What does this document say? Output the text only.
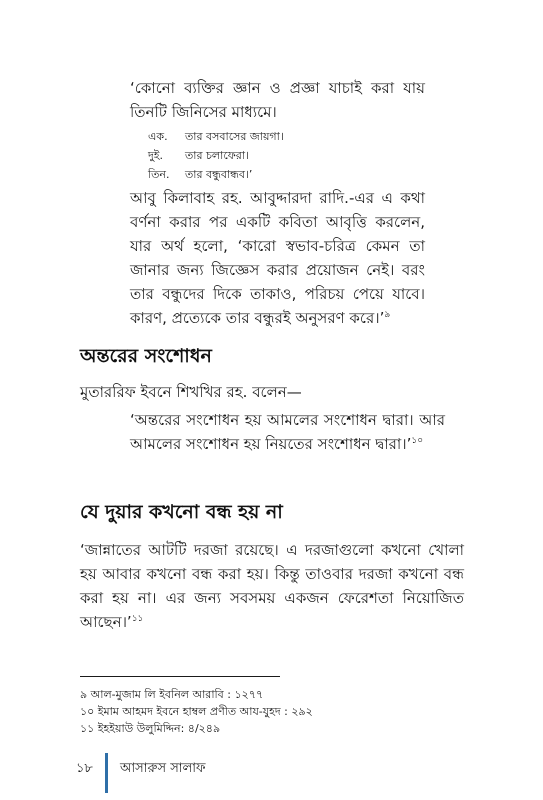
‘কোনো ব্যক্তির জ্ঞান ও প্রজ্ঞা যাচাই করা যায় তিনটি জিনিসের মাধ্যমে।

এক.	তার বসবাসের জায়গা।
দুই.	তার চলাফেরা।
তিন.	তার বন্ধুবান্ধব।’

আবু কিলাবাহ রহ. আবুদ্দারদা রাদি.-এর এ কথা বর্ণনা করার পর একটি কবিতা আবৃত্তি করলেন, যার অর্থ হলো, ‘কারো স্বভাব-চরিত্র কেমন তা জানার জন্য জিজ্ঞেস করার প্রয়োজন নেই। বরং তার বন্ধুদের দিকে তাকাও, পরিচয় পেয়ে যাবে। কারণ, প্রত্যেকে তার বন্ধুরই অনুসরণ করে।’$^৯$

অন্তরের সংশোধন

মুতাররিফ ইবনে শিখখির রহ. বলেন—

‘অন্তরের সংশোধন হয় আমলের সংশোধন দ্বারা। আর আমলের সংশোধন হয় নিয়তের সংশোধন দ্বারা।’$^{১০}$

যে দুয়ার কখনো বন্ধ হয় না

‘জান্নাতের আটটি দরজা রয়েছে। এ দরজাগুলো কখনো খোলা হয় আবার কখনো বন্ধ করা হয়। কিন্তু তাওবার দরজা কখনো বন্ধ করা হয় না। এর জন্য সবসময় একজন ফেরেশতা নিয়োজিত আছেন।’$^{১১}$

৯ আল-মুজাম লি ইবনিল আরাবি : ১২৭৭
১০ ইমাম আহমদ ইবনে হাম্বল প্রণীত আয-যুহদ : ২৯২
১১ ইহইয়াউ উলুমিদ্দিন: ৪/২৪৯
১৮ আসারুস সালাফ
